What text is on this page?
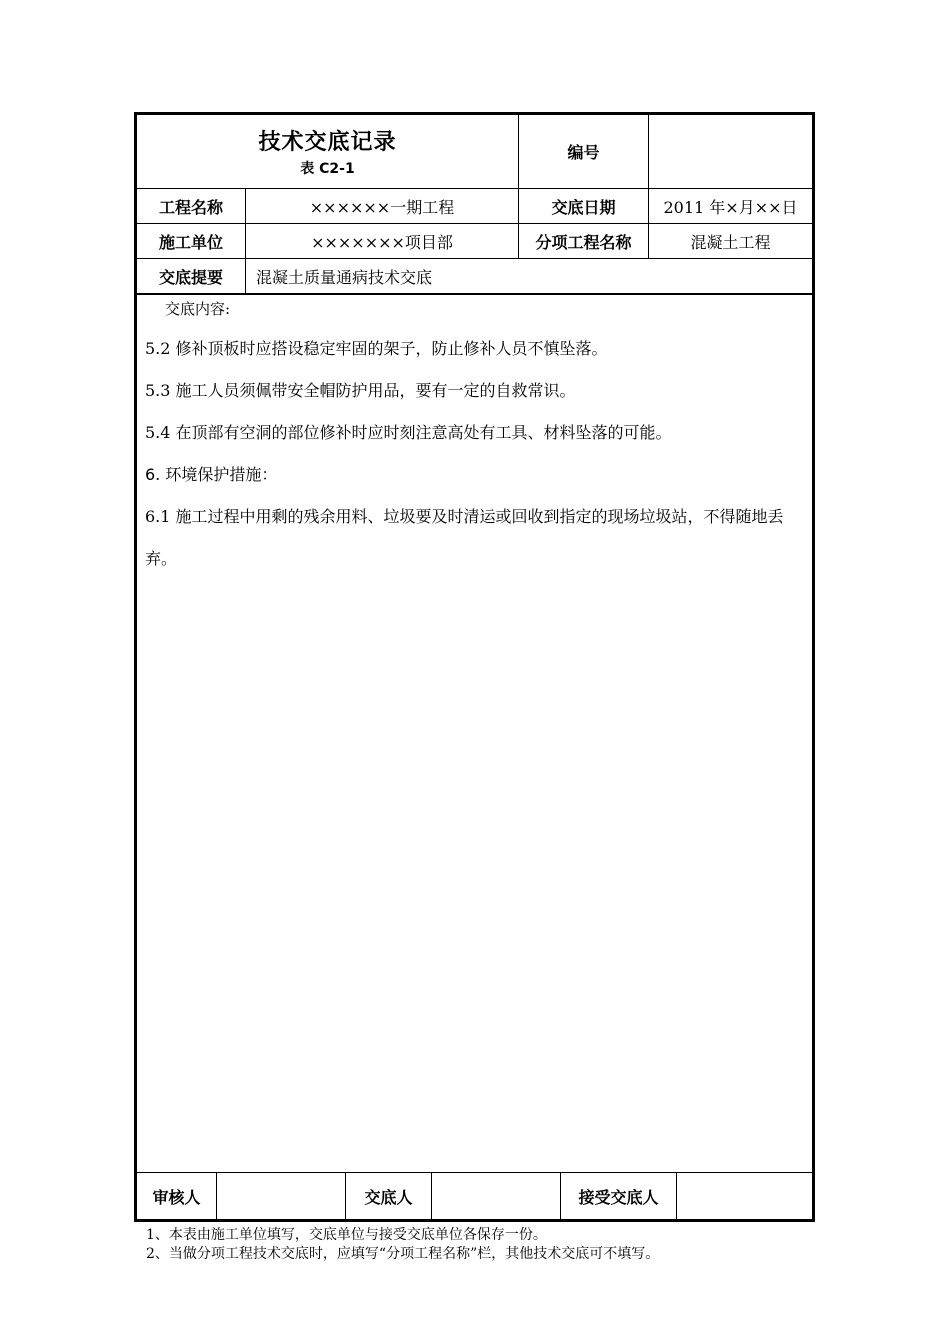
技术交底记录
表 C2-1
编号
工程名称	××××××一期工程	交底日期	2011 年×月××日
施工单位	×××××××项目部	分项工程名称	混凝土工程
交底提要	混凝土质量通病技术交底
交底内容:

5.2 修补顶板时应搭设稳定牢固的架子，防止修补人员不慎坠落。

5.3 施工人员须佩带安全帽防护用品，要有一定的自救常识。

5.4 在顶部有空洞的部位修补时应时刻注意高处有工具、材料坠落的可能。

6. 环境保护措施：

6.1 施工过程中用剩的残余用料、垃圾要及时清运或回收到指定的现场垃圾站，不得随地丢弃。

审核人	交底人	接受交底人
1、本表由施工单位填写，交底单位与接受交底单位各保存一份。
2、当做分项工程技术交底时，应填写“分项工程名称”栏，其他技术交底可不填写。
